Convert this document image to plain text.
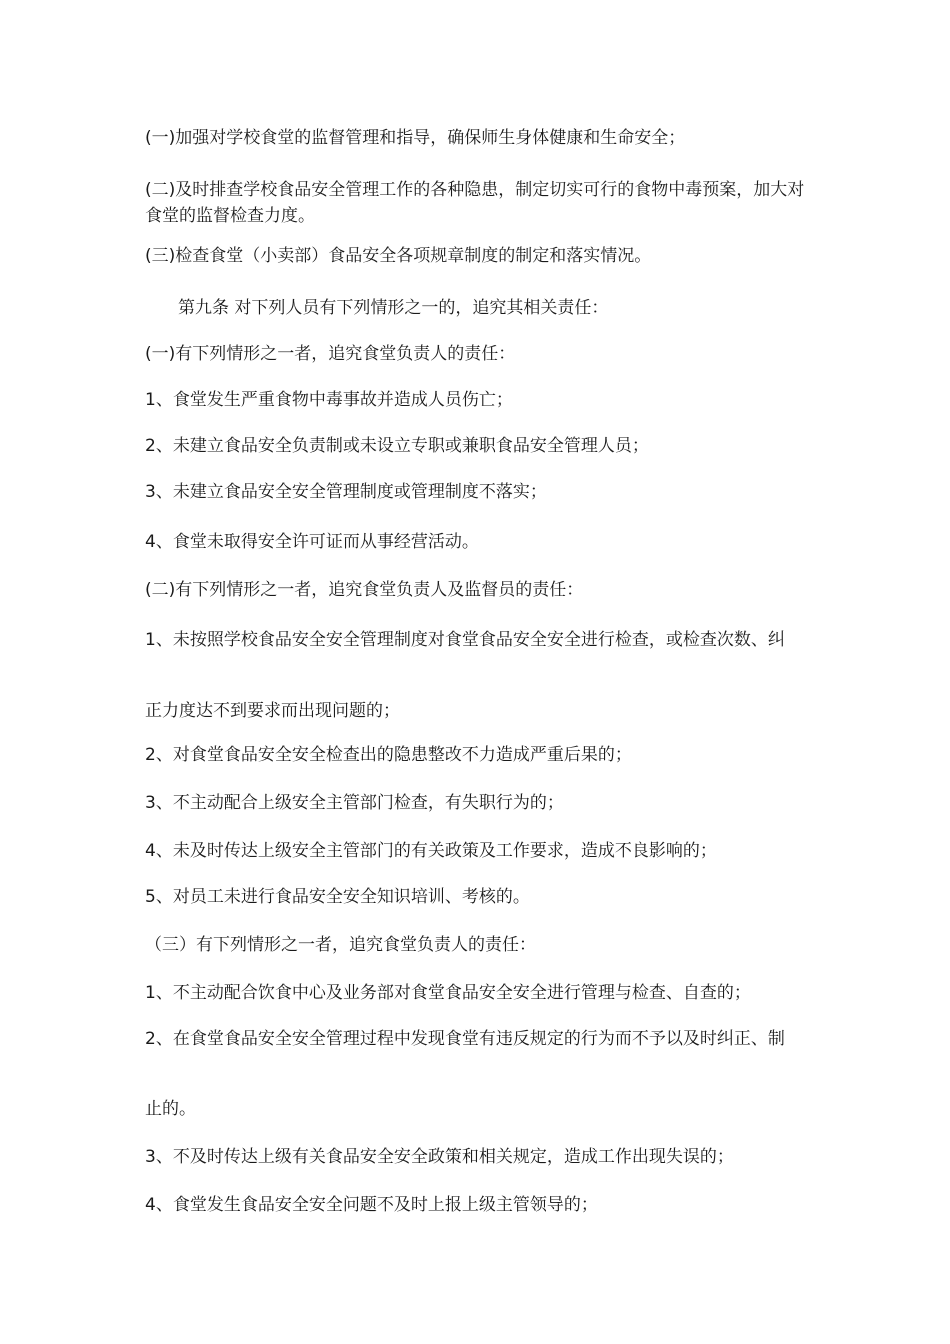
(一)加强对学校食堂的监督管理和指导，确保师生身体健康和生命安全；

(二)及时排查学校食品安全管理工作的各种隐患，制定切实可行的食物中毒预案，加大对食堂的监督检查力度。

(三)检查食堂（小卖部）食品安全各项规章制度的制定和落实情况。

第九条 对下列人员有下列情形之一的，追究其相关责任：

(一)有下列情形之一者，追究食堂负责人的责任：

1、食堂发生严重食物中毒事故并造成人员伤亡；

2、未建立食品安全负责制或未设立专职或兼职食品安全管理人员；

3、未建立食品安全安全管理制度或管理制度不落实；

4、食堂未取得安全许可证而从事经营活动。

(二)有下列情形之一者，追究食堂负责人及监督员的责任：

1、未按照学校食品安全安全管理制度对食堂食品安全安全进行检查，或检查次数、纠

正力度达不到要求而出现问题的；

2、对食堂食品安全安全检查出的隐患整改不力造成严重后果的；

3、不主动配合上级安全主管部门检查，有失职行为的；

4、未及时传达上级安全主管部门的有关政策及工作要求，造成不良影响的；

5、对员工未进行食品安全安全知识培训、考核的。

（三）有下列情形之一者，追究食堂负责人的责任：

1、不主动配合饮食中心及业务部对食堂食品安全安全进行管理与检查、自查的；

2、在食堂食品安全安全管理过程中发现食堂有违反规定的行为而不予以及时纠正、制

止的。

3、不及时传达上级有关食品安全安全政策和相关规定，造成工作出现失误的；

4、食堂发生食品安全安全问题不及时上报上级主管领导的；
